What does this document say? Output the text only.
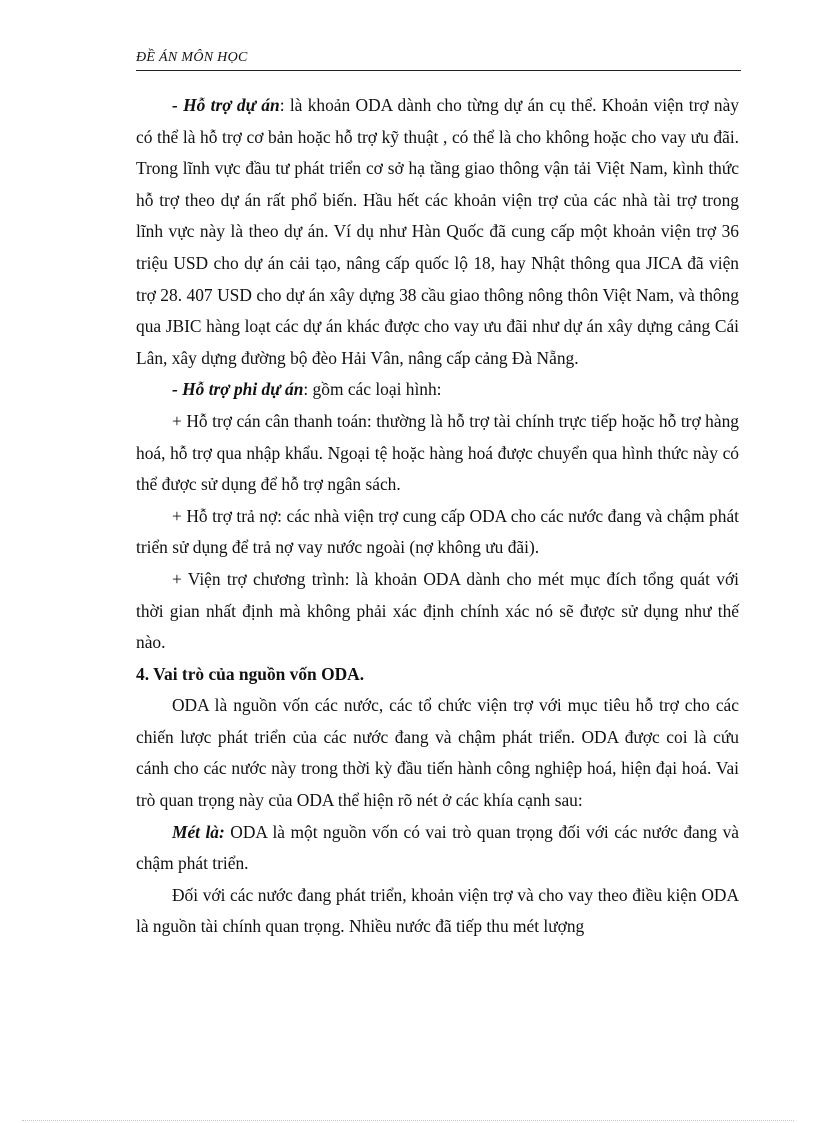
ĐỀ ÁN MÔN HỌC

- Hỗ trợ dự án: là khoản ODA dành cho từng dự án cụ thể. Khoản viện trợ này có thể là hỗ trợ cơ bản hoặc hỗ trợ kỹ thuật , có thể là cho không hoặc cho vay ưu đãi. Trong lĩnh vực đầu tư phát triển cơ sở hạ tầng giao thông vận tải Việt Nam, kình thức hỗ trợ theo dự án rất phổ biến. Hầu hết các khoản viện trợ của các nhà tài trợ trong lĩnh vực này là theo dự án. Ví dụ như Hàn Quốc đã cung cấp một khoản viện trợ 36 triệu USD cho dự án cải tạo, nâng cấp quốc lộ 18, hay Nhật thông qua JICA đã viện trợ 28. 407 USD cho dự án xây dựng 38 cầu giao thông nông thôn Việt Nam, và thông qua JBIC hàng loạt các dự án khác được cho vay ưu đãi như dự án xây dựng cảng Cái Lân, xây dựng đường bộ đèo Hải Vân, nâng cấp cảng Đà Nẵng.

- Hỗ trợ phi dự án: gồm các loại hình:

+ Hỗ trợ cán cân thanh toán: thường là hỗ trợ tài chính trực tiếp hoặc hỗ trợ hàng hoá, hỗ trợ qua nhập khẩu. Ngoại tệ hoặc hàng hoá được chuyển qua hình thức này có thể được sử dụng để hỗ trợ ngân sách.

+ Hỗ trợ trả nợ: các nhà viện trợ cung cấp ODA cho các nước đang và chậm phát triển sử dụng để trả nợ vay nước ngoài (nợ không ưu đãi).

+ Viện trợ chương trình: là khoản ODA dành cho mét mục đích tổng quát với thời gian nhất định mà không phải xác định chính xác nó sẽ được sử dụng như thế nào.

4. Vai trò của nguồn vốn ODA.

ODA là nguồn vốn các nước, các tổ chức viện trợ với mục tiêu hỗ trợ cho các chiến lược phát triển của các nước đang và chậm phát triển. ODA được coi là cứu cánh cho các nước này trong thời kỳ đầu tiến hành công nghiệp hoá, hiện đại hoá. Vai trò quan trọng này của ODA thể hiện rõ nét ở các khía cạnh sau:

Mét là: ODA là một nguồn vốn có vai trò quan trọng đối với các nước đang và chậm phát triển.

Đối với các nước đang phát triển, khoản viện trợ và cho vay theo điều kiện ODA là nguồn tài chính quan trọng. Nhiều nước đã tiếp thu mét lượng
